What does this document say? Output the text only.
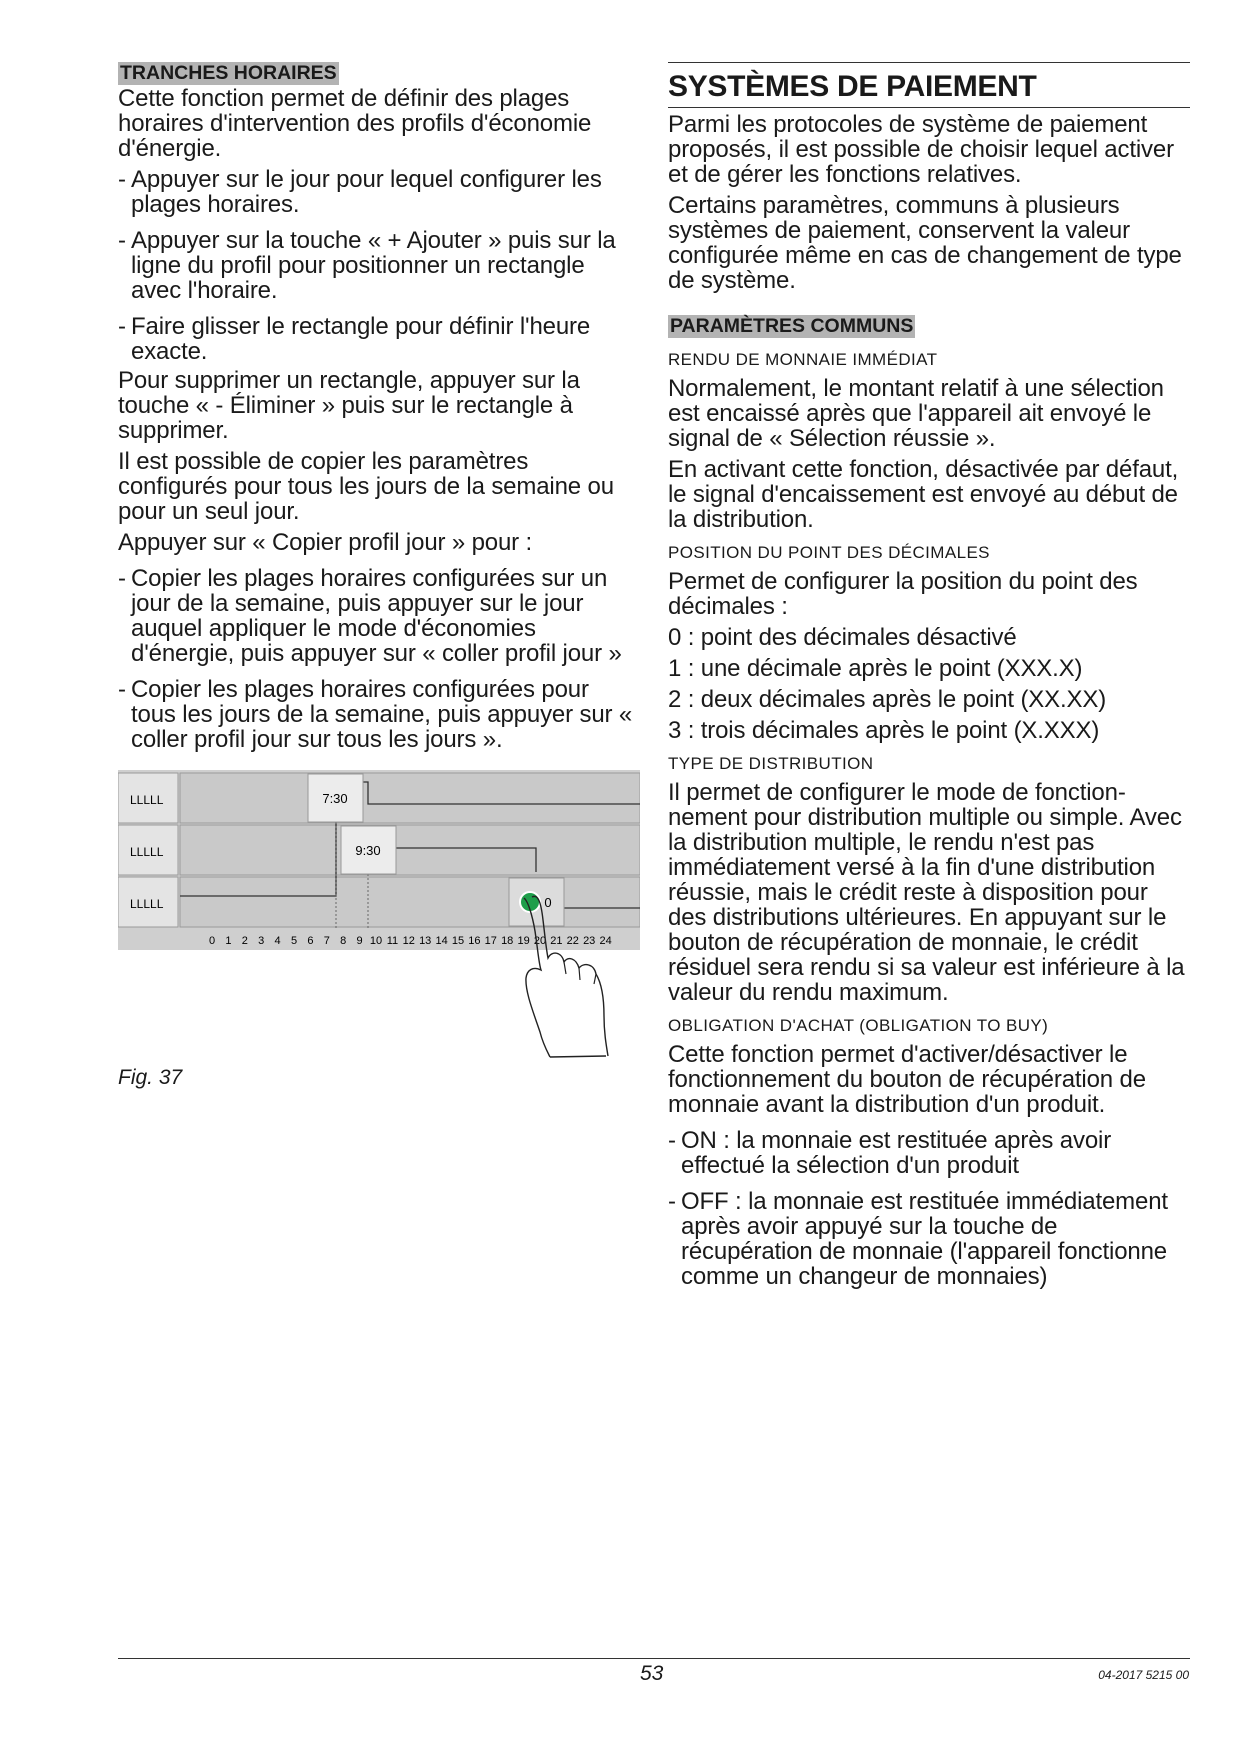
TRANCHES HORAIRES

Cette fonction permet de définir des plages horaires d'intervention des profils d'économie d'énergie.

- Appuyer sur le jour pour lequel configurer les plages horaires.
- Appuyer sur la touche « + Ajouter » puis sur la ligne du profil pour positionner un rectangle avec l'horaire.
- Faire glisser le rectangle pour définir l'heure exacte.

Pour supprimer un rectangle, appuyer sur la touche « - Éliminer » puis sur le rectangle à supprimer.

Il est possible de copier les paramètres configurés pour tous les jours de la semaine ou pour un seul jour.

Appuyer sur « Copier profil jour » pour :

- Copier les plages horaires configurées sur un jour de la semaine, puis appuyer sur le jour auquel appliquer le mode d'économies d'énergie, puis appuyer sur « coller profil jour »
- Copier les plages horaires configurées pour tous les jours de la semaine, puis appuyer sur « coller profil jour sur tous les jours ».
LLLLL
LLLLL
LLLLL
7:30
9:30
0
0 1 2 3 4 5 6 7 8 9 10 11 12 13 14 15 16 17 18 19 20 21 22 23 24
Fig. 37
SYSTÈMES DE PAIEMENT

Parmi les protocoles de système de paiement proposés, il est possible de choisir lequel activer et de gérer les fonctions relatives.

Certains paramètres, communs à plusieurs systèmes de paiement, conservent la valeur configurée même en cas de changement de type de système.

PARAMÈTRES COMMUNS
RENDU DE MONNAIE IMMÉDIAT

Normalement, le montant relatif à une sélection est encaissé après que l'appareil ait envoyé le signal de « Sélection réussie ».

En activant cette fonction, désactivée par défaut, le signal d'encaissement est envoyé au début de la distribution.

POSITION DU POINT DES DÉCIMALES

Permet de configurer la position du point des décimales :

0 : point des décimales désactivé

1 : une décimale après le point (XXX.X)

2 : deux décimales après le point (XX.XX)

3 : trois décimales après le point (X.XXX)

TYPE DE DISTRIBUTION

Il permet de configurer le mode de fonctionnement pour distribution multiple ou simple. Avec la distribution multiple, le rendu n'est pas immédiatement versé à la fin d'une distribution réussie, mais le crédit reste à disposition pour des distributions ultérieures. En appuyant sur le bouton de récupération de monnaie, le crédit résiduel sera rendu si sa valeur est inférieure à la valeur du rendu maximum.

OBLIGATION D'ACHAT (OBLIGATION TO BUY)

Cette fonction permet d'activer/désactiver le fonctionnement du bouton de récupération de monnaie avant la distribution d'un produit.

- ON : la monnaie est restituée après avoir effectué la sélection d'un produit
- OFF : la monnaie est restituée immédiatement après avoir appuyé sur la touche de récupération de monnaie (l'appareil fonctionne comme un changeur de monnaies)
53	04-2017 5215 00
